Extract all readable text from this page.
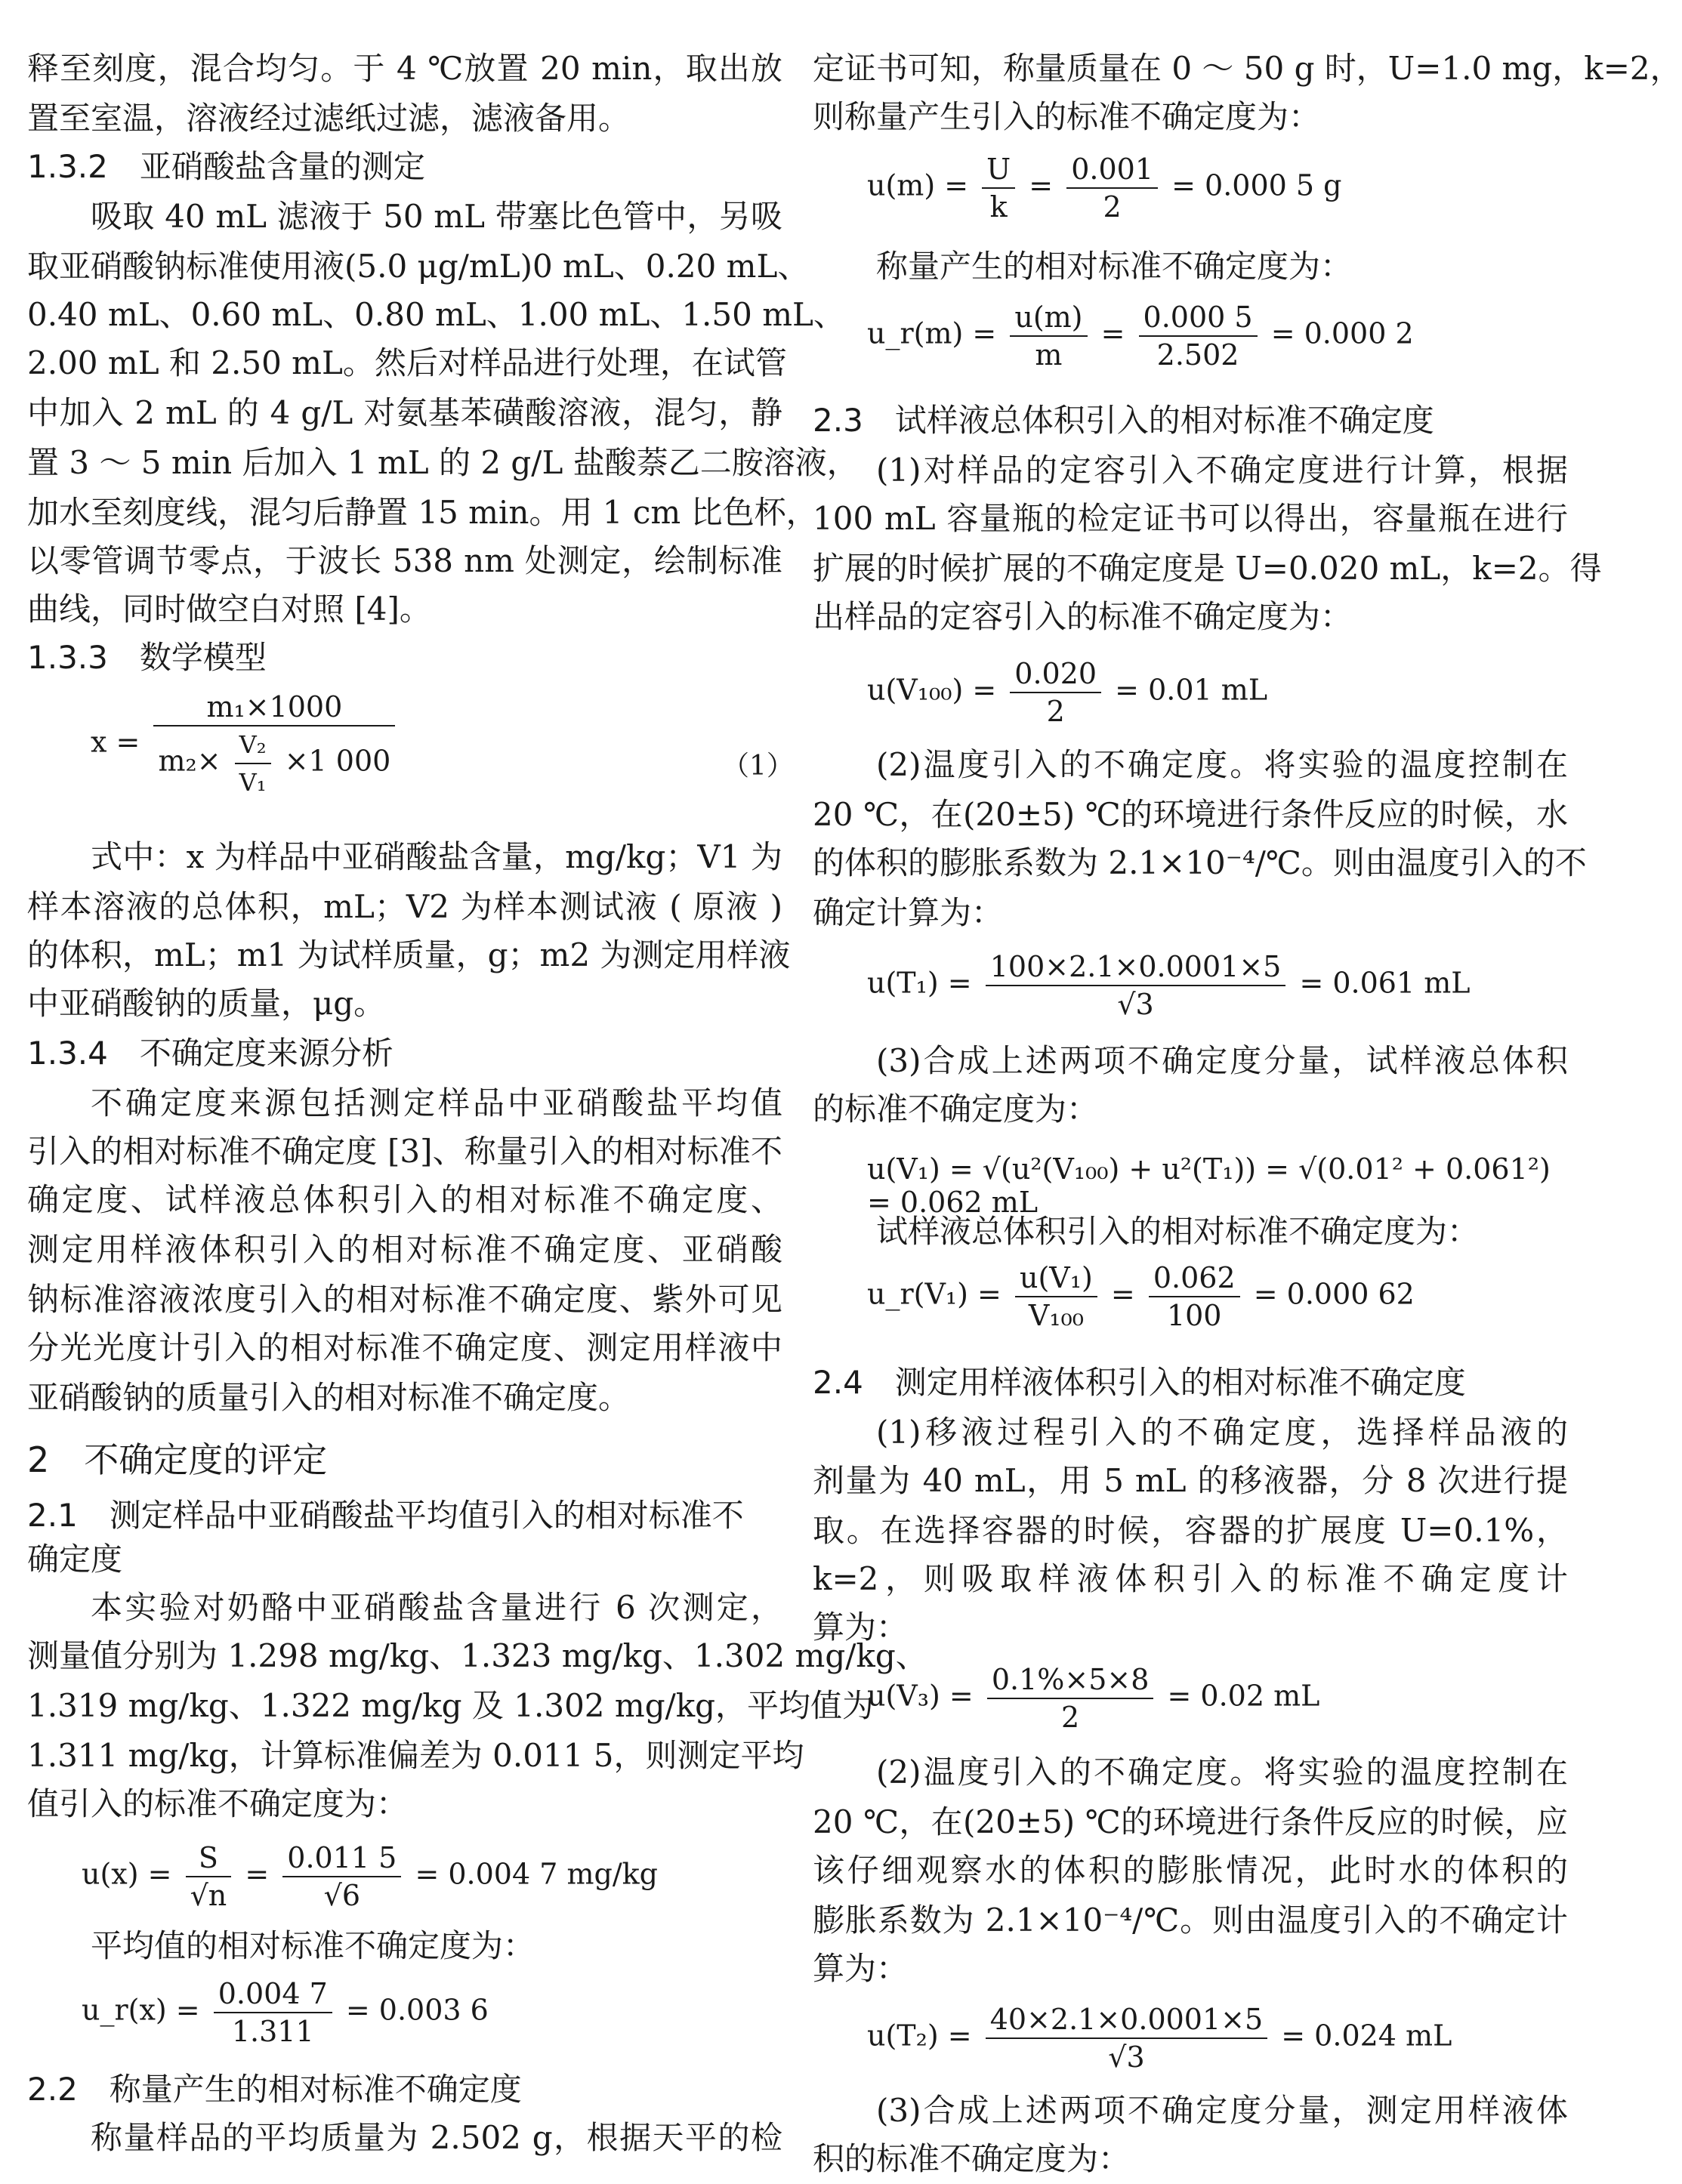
释至刻度，混合均匀。于 4 ℃放置 20 min，取出放
置至室温，溶液经过滤纸过滤，滤液备用。
1.3.2　亚硝酸盐含量的测定
吸取 40 mL 滤液于 50 mL 带塞比色管中，另吸
取亚硝酸钠标准使用液(5.0 μg/mL)0 mL、0.20 mL、
0.40 mL、0.60 mL、0.80 mL、1.00 mL、1.50 mL、
2.00 mL 和 2.50 mL。然后对样品进行处理，在试管
中加入 2 mL 的 4 g/L 对氨基苯磺酸溶液，混匀，静
置 3 ～ 5 min 后加入 1 mL 的 2 g/L 盐酸萘乙二胺溶液，
加水至刻度线，混匀后静置 15 min。用 1 cm 比色杯，
以零管调节零点，于波长 538 nm 处测定，绘制标准
曲线，同时做空白对照 [4]。
1.3.3　数学模型
x =
m₁×1000
$m_2\times \frac{\text{V₂}}{\text{V₁}} \times 1$ 000	（1）
式中：x 为样品中亚硝酸盐含量，mg/kg；V1 为
样本溶液的总体积，mL；V2 为样本测试液 ( 原液 )
的体积，mL；m1 为试样质量，g；m2 为测定用样液
中亚硝酸钠的质量，μg。
1.3.4　不确定度来源分析
不确定度来源包括测定样品中亚硝酸盐平均值
引入的相对标准不确定度 [3]、称量引入的相对标准不
确定度、试样液总体积引入的相对标准不确定度、
测定用样液体积引入的相对标准不确定度、亚硝酸
钠标准溶液浓度引入的相对标准不确定度、紫外可见
分光光度计引入的相对标准不确定度、测定用样液中
亚硝酸钠的质量引入的相对标准不确定度。
2　不确定度的评定
2.1　测定样品中亚硝酸盐平均值引入的相对标准不
确定度
本实验对奶酪中亚硝酸盐含量进行 6 次测定，
测量值分别为 1.298 mg/kg、1.323 mg/kg、1.302 mg/kg、
1.319 mg/kg、1.322 mg/kg 及 1.302 mg/kg，平均值为
1.311 mg/kg，计算标准偏差为 0.011 5，则测定平均
值引入的标准不确定度为：
$u(x) = \frac{S}{√n} = \frac{0.011 5}{√6} = 0.004$ 7 mg/kg
平均值的相对标准不确定度为：
u_r(x) = $\frac{0.004 7}{1.311} = 0.003$ 6
2.2　称量产生的相对标准不确定度
称量样品的平均质量为 2.502 g，根据天平的检
定证书可知，称量质量在 0 ～ 50 g 时，U=1.0 mg，k=2，
则称量产生引入的标准不确定度为：
$u(m) = \frac{U}{k} = \frac{0.001}{2} = 0.000$ 5 g
称量产生的相对标准不确定度为：
u_r(m) = $\frac{u(m)}{m} = \frac{0.000 5}{2.502} = 0.000$ 2
2.3　试样液总体积引入的相对标准不确定度
(1)对样品的定容引入不确定度进行计算，根据
100 mL 容量瓶的检定证书可以得出，容量瓶在进行
扩展的时候扩展的不确定度是 U=0.020 mL，k=2。得
出样品的定容引入的标准不确定度为：
$u(V_{100}) = \frac{0.020}{2} = 0.01$ mL
(2)温度引入的不确定度。将实验的温度控制在
20 ℃，在(20±5) ℃的环境进行条件反应的时候，水
的体积的膨胀系数为 2.1×10⁻⁴/℃。则由温度引入的不
确定计算为：
$u(T_1) = \frac{100\times 2.1\times 0.0001\times 5}{√3} = 0.061$ mL
(3)合成上述两项不确定度分量，试样液总体积
的标准不确定度为：
u(V₁) = √(u²(V₁₀₀) + u²(T₁)) = √(0.01² + 0.061²) = 0.062 mL
试样液总体积引入的相对标准不确定度为：
u_r(V₁) = $\frac{\text{u(V₁)}}{\text{V₁₀₀}} = \frac{0.062}{100} = 0.000$ 62
2.4　测定用样液体积引入的相对标准不确定度
(1)移液过程引入的不确定度，选择样品液的
剂量为 40 mL，用 5 mL 的移液器，分 8 次进行提
取。在选择容器的时候，容器的扩展度 U=0.1%，
k=2，则吸取样液体积引入的标准不确定度计
算为：
$u(V_3) = \frac{0.1\%\times 5\times 8}{2} = 0.02$ mL
(2)温度引入的不确定度。将实验的温度控制在
20 ℃，在(20±5) ℃的环境进行条件反应的时候，应
该仔细观察水的体积的膨胀情况，此时水的体积的
膨胀系数为 2.1×10⁻⁴/℃。则由温度引入的不确定计
算为：
$u(T_2) = \frac{40\times 2.1\times 0.0001\times 5}{√3} = 0.024$ mL
(3)合成上述两项不确定度分量，测定用样液体
积的标准不确定度为：
